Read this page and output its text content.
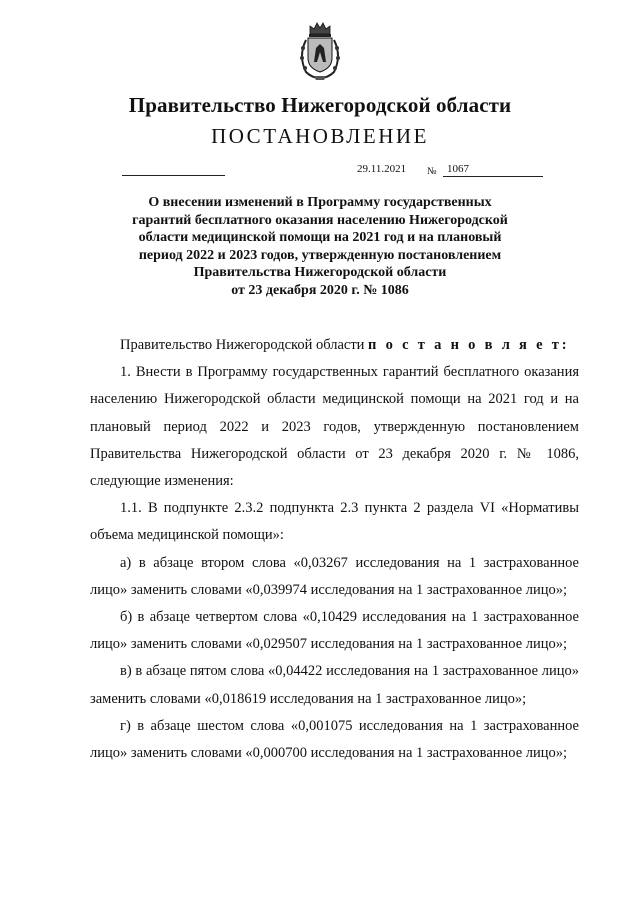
Правительство Нижегородской области
ПОСТАНОВЛЕНИЕ
29.11.2021 № 1067
О внесении изменений в Программу государственных
гарантий бесплатного оказания населению Нижегородской
области медицинской помощи на 2021 год и на плановый
период 2022 и 2023 годов, утвержденную постановлением
Правительства Нижегородской области
от 23 декабря 2020 г. № 1086

Правительство Нижегородской области п о с т а н о в л я е т:

1. Внести в Программу государственных гарантий бесплатного оказания населению Нижегородской области медицинской помощи на 2021 год и на плановый период 2022 и 2023 годов, утвержденную постановлением Правительства Нижегородской области от 23 декабря 2020 г. № 1086, следующие изменения:

1.1. В подпункте 2.3.2 подпункта 2.3 пункта 2 раздела VI «Нормативы объема медицинской помощи»:

а) в абзаце втором слова «0,03267 исследования на 1 застрахованное лицо» заменить словами «0,039974 исследования на 1 застрахованное лицо»;

б) в абзаце четвертом слова «0,10429 исследования на 1 застрахованное лицо» заменить словами «0,029507 исследования на 1 застрахованное лицо»;

в) в абзаце пятом слова «0,04422 исследования на 1 застрахованное лицо» заменить словами «0,018619 исследования на 1 застрахованное лицо»;

г) в абзаце шестом слова «0,001075 исследования на 1 застрахованное лицо» заменить словами «0,000700 исследования на 1 застрахованное лицо»;
